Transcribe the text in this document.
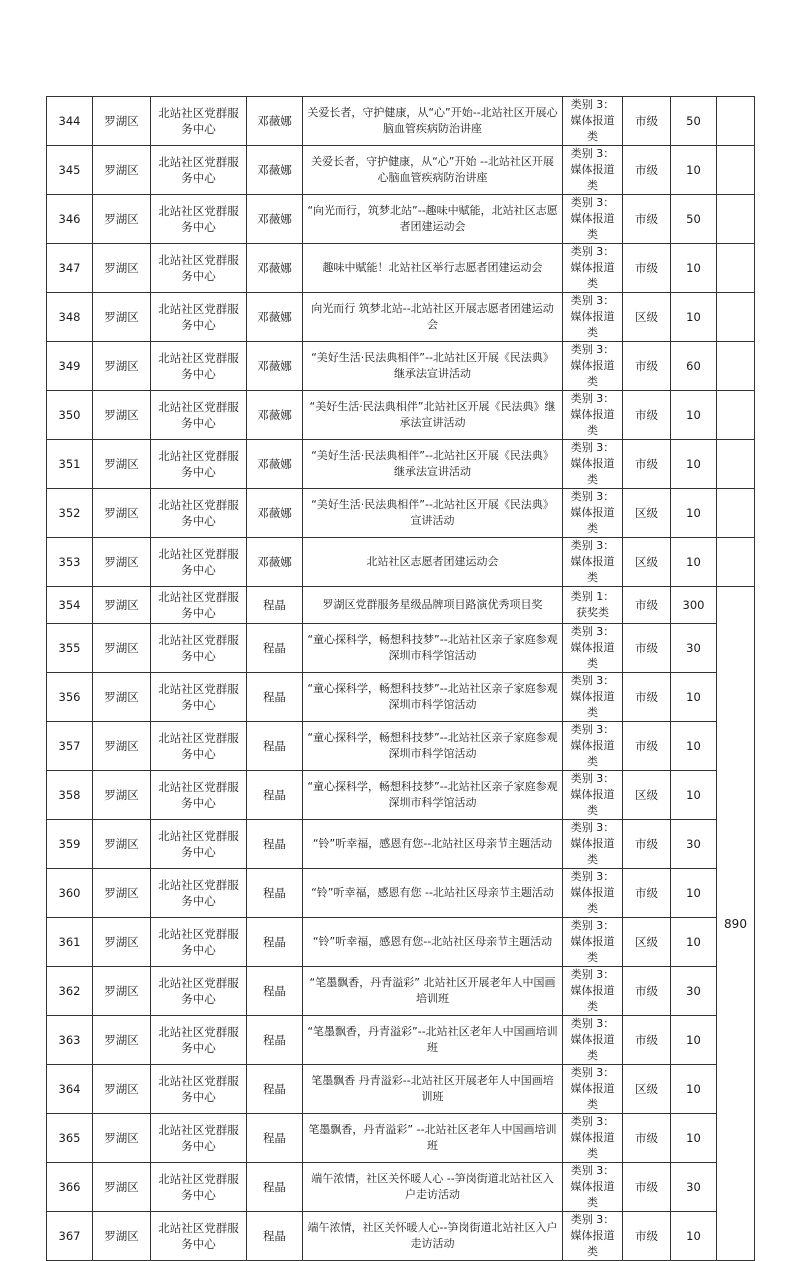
344	罗湖区	北站社区党群服务中心	邓薇娜	关爱长者，守护健康，从“心”开始--北站社区开展心脑血管疾病防治讲座	类别 3：媒体报道类	市级	50	
345	罗湖区	北站社区党群服务中心	邓薇娜	关爱长者，守护健康，从“心”开始 --北站社区开展心脑血管疾病防治讲座	类别 3：媒体报道类	市级	10	
346	罗湖区	北站社区党群服务中心	邓薇娜	“向光而行，筑梦北站”--趣味中赋能，北站社区志愿者团建运动会	类别 3：媒体报道类	市级	50	
347	罗湖区	北站社区党群服务中心	邓薇娜	趣味中赋能！北站社区举行志愿者团建运动会	类别 3：媒体报道类	市级	10	
348	罗湖区	北站社区党群服务中心	邓薇娜	向光而行 筑梦北站--北站社区开展志愿者团建运动会	类别 3：媒体报道类	区级	10	
349	罗湖区	北站社区党群服务中心	邓薇娜	“美好生活·民法典相伴”--北站社区开展《民法典》继承法宣讲活动	类别 3：媒体报道类	市级	60	
350	罗湖区	北站社区党群服务中心	邓薇娜	“美好生活·民法典相伴”北站社区开展《民法典》继承法宣讲活动	类别 3：媒体报道类	市级	10	
351	罗湖区	北站社区党群服务中心	邓薇娜	“美好生活·民法典相伴”--北站社区开展《民法典》继承法宣讲活动	类别 3：媒体报道类	市级	10	
352	罗湖区	北站社区党群服务中心	邓薇娜	“美好生活·民法典相伴”--北站社区开展《民法典》宣讲活动	类别 3：媒体报道类	区级	10	
353	罗湖区	北站社区党群服务中心	邓薇娜	北站社区志愿者团建运动会	类别 3：媒体报道类	区级	10	
354	罗湖区	北站社区党群服务中心	程晶	罗湖区党群服务星级品牌项目路演优秀项目奖	类别 1：获奖类	市级	300	890
355	罗湖区	北站社区党群服务中心	程晶	“童心探科学，畅想科技梦”--北站社区亲子家庭参观深圳市科学馆活动	类别 3：媒体报道类	市级	30	
356	罗湖区	北站社区党群服务中心	程晶	“童心探科学，畅想科技梦”--北站社区亲子家庭参观深圳市科学馆活动	类别 3：媒体报道类	市级	10	
357	罗湖区	北站社区党群服务中心	程晶	“童心探科学，畅想科技梦”--北站社区亲子家庭参观深圳市科学馆活动	类别 3：媒体报道类	市级	10	
358	罗湖区	北站社区党群服务中心	程晶	“童心探科学，畅想科技梦”--北站社区亲子家庭参观深圳市科学馆活动	类别 3：媒体报道类	区级	10	
359	罗湖区	北站社区党群服务中心	程晶	“铃”听幸福，感恩有您--北站社区母亲节主题活动	类别 3：媒体报道类	市级	30	
360	罗湖区	北站社区党群服务中心	程晶	“铃”听幸福，感恩有您 --北站社区母亲节主题活动	类别 3：媒体报道类	市级	10	
361	罗湖区	北站社区党群服务中心	程晶	“铃”听幸福，感恩有您--北站社区母亲节主题活动	类别 3：媒体报道类	区级	10	
362	罗湖区	北站社区党群服务中心	程晶	“笔墨飘香，丹青溢彩” 北站社区开展老年人中国画培训班	类别 3：媒体报道类	市级	30	
363	罗湖区	北站社区党群服务中心	程晶	“笔墨飘香，丹青溢彩”--北站社区老年人中国画培训班	类别 3：媒体报道类	市级	10	
364	罗湖区	北站社区党群服务中心	程晶	笔墨飘香 丹青溢彩--北站社区开展老年人中国画培训班	类别 3：媒体报道类	区级	10	
365	罗湖区	北站社区党群服务中心	程晶	笔墨飘香，丹青溢彩” --北站社区老年人中国画培训班	类别 3：媒体报道类	市级	10	
366	罗湖区	北站社区党群服务中心	程晶	端午浓情，社区关怀暖人心 --笋岗街道北站社区入户走访活动	类别 3：媒体报道类	市级	30	
367	罗湖区	北站社区党群服务中心	程晶	端午浓情，社区关怀暖人心--笋岗街道北站社区入户走访活动	类别 3：媒体报道类	市级	10	
